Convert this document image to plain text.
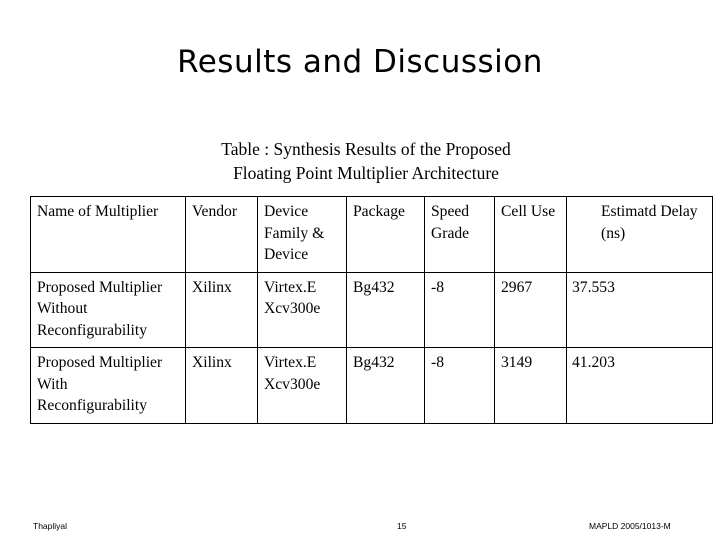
Results and Discussion
Table : Synthesis Results of the Proposed
Floating Point Multiplier Architecture
Name of Multiplier	Vendor	Device Family & Device	Package	Speed Grade	Cell Use	Estimatd Delay (ns)
Proposed Multiplier Without Reconfigurability	Xilinx	Virtex.E Xcv300e	Bg432	-8	2967	37.553
Proposed Multiplier With Reconfigurability	Xilinx	Virtex.E Xcv300e	Bg432	-8	3149	41.203
Thapliyal	15	MAPLD 2005/1013-M
